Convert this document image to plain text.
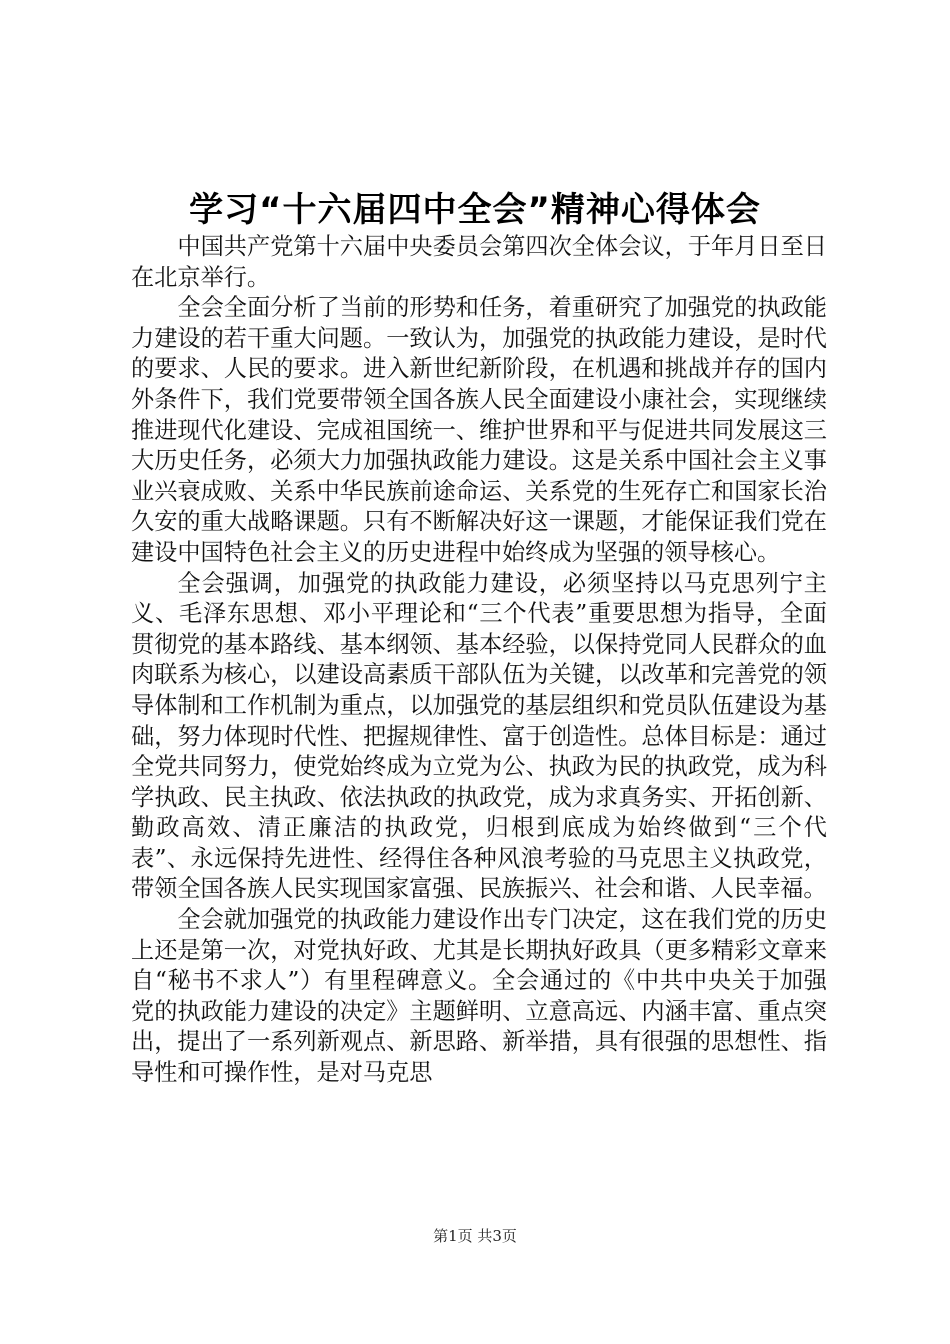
学习“十六届四中全会”精神心得体会

中国共产党第十六届中央委员会第四次全体会议，于年月日至日在北京举行。

全会全面分析了当前的形势和任务，着重研究了加强党的执政能力建设的若干重大问题。一致认为，加强党的执政能力建设，是时代的要求、人民的要求。进入新世纪新阶段，在机遇和挑战并存的国内外条件下，我们党要带领全国各族人民全面建设小康社会，实现继续推进现代化建设、完成祖国统一、维护世界和平与促进共同发展这三大历史任务，必须大力加强执政能力建设。这是关系中国社会主义事业兴衰成败、关系中华民族前途命运、关系党的生死存亡和国家长治久安的重大战略课题。只有不断解决好这一课题，才能保证我们党在建设中国特色社会主义的历史进程中始终成为坚强的领导核心。

全会强调，加强党的执政能力建设，必须坚持以马克思列宁主义、毛泽东思想、邓小平理论和“三个代表”重要思想为指导，全面贯彻党的基本路线、基本纲领、基本经验，以保持党同人民群众的血肉联系为核心，以建设高素质干部队伍为关键，以改革和完善党的领导体制和工作机制为重点，以加强党的基层组织和党员队伍建设为基础，努力体现时代性、把握规律性、富于创造性。总体目标是：通过全党共同努力，使党始终成为立党为公、执政为民的执政党，成为科学执政、民主执政、依法执政的执政党，成为求真务实、开拓创新、勤政高效、清正廉洁的执政党，归根到底成为始终做到“三个代表”、永远保持先进性、经得住各种风浪考验的马克思主义执政党，带领全国各族人民实现国家富强、民族振兴、社会和谐、人民幸福。

全会就加强党的执政能力建设作出专门决定，这在我们党的历史上还是第一次，对党执好政、尤其是长期执好政具（更多精彩文章来自“秘书不求人”）有里程碑意义。全会通过的《中共中央关于加强党的执政能力建设的决定》主题鲜明、立意高远、内涵丰富、重点突出，提出了一系列新观点、新思路、新举措，具有很强的思想性、指导性和可操作性，是对马克思

第1页 共3页
